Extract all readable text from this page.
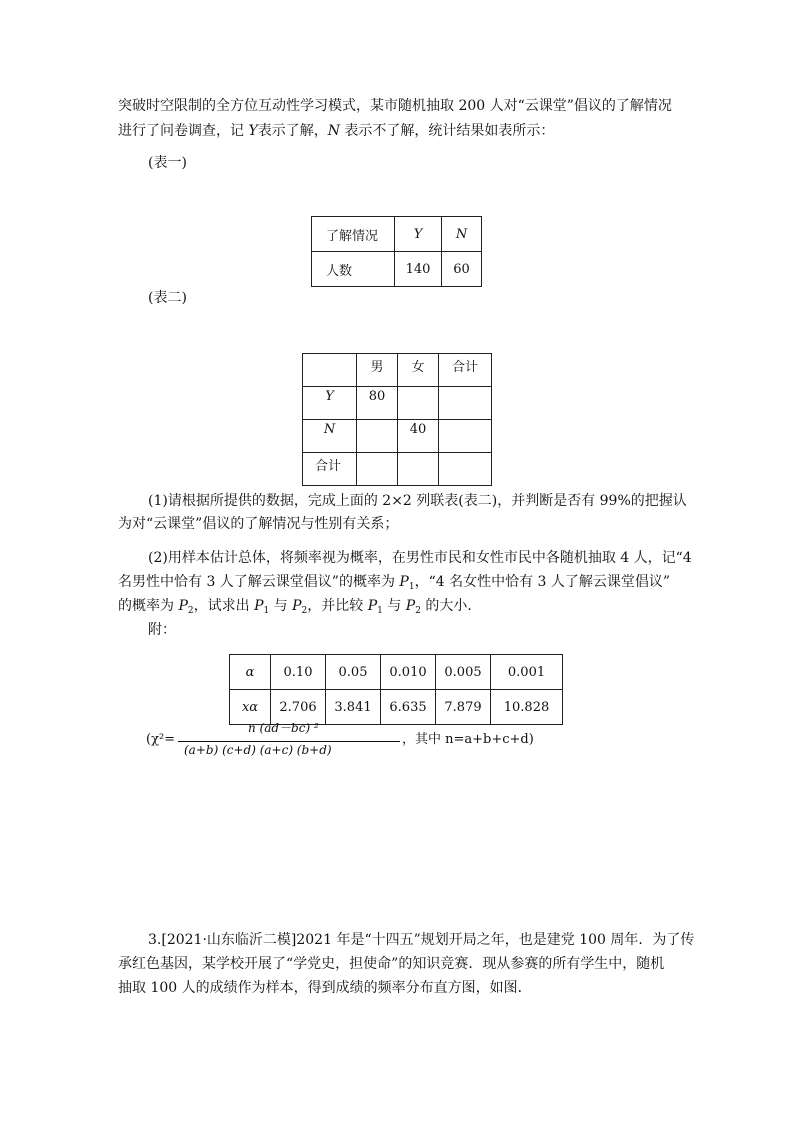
突破时空限制的全方位互动性学习模式，某市随机抽取 200 人对“云课堂”倡议的了解情况
进行了问卷调查，记 Y表示了解，N 表示不了解，统计结果如表所示：
(表一)
了解情况	Y	N

人数	140	60
(表二)

	男	女	合计

Y	80		

N		40	

合计			

(1)请根据所提供的数据，完成上面的 2×2 列联表(表二)，并判断是否有 99%的把握认
为对“云课堂”倡议的了解情况与性别有关系；
(2)用样本估计总体，将频率视为概率，在男性市民和女性市民中各随机抽取 4 人，记“4
名男性中恰有 3 人了解云课堂倡议”的概率为 $P_1$，“4 名女性中恰有 3 人了解云课堂倡议”
的概率为 $P_2$，试求出 $P_1$ 与 $P_2$，并比较 $P_1$ 与 $P_2$ 的大小．
附：
α	0.10	0.05	0.010	0.005	0.001

xα	2.706	3.841	6.635	7.879	10.828
(χ²=
n (ad－bc) ²
(a+b) (c+d) (a+c) (b+d)
，其中 n=a+b+c+d)
3.[2021·山东临沂二模]2021 年是“十四五”规划开局之年，也是建党 100 周年．为了传
承红色基因，某学校开展了“学党史，担使命”的知识竞赛．现从参赛的所有学生中，随机
抽取 100 人的成绩作为样本，得到成绩的频率分布直方图，如图．
